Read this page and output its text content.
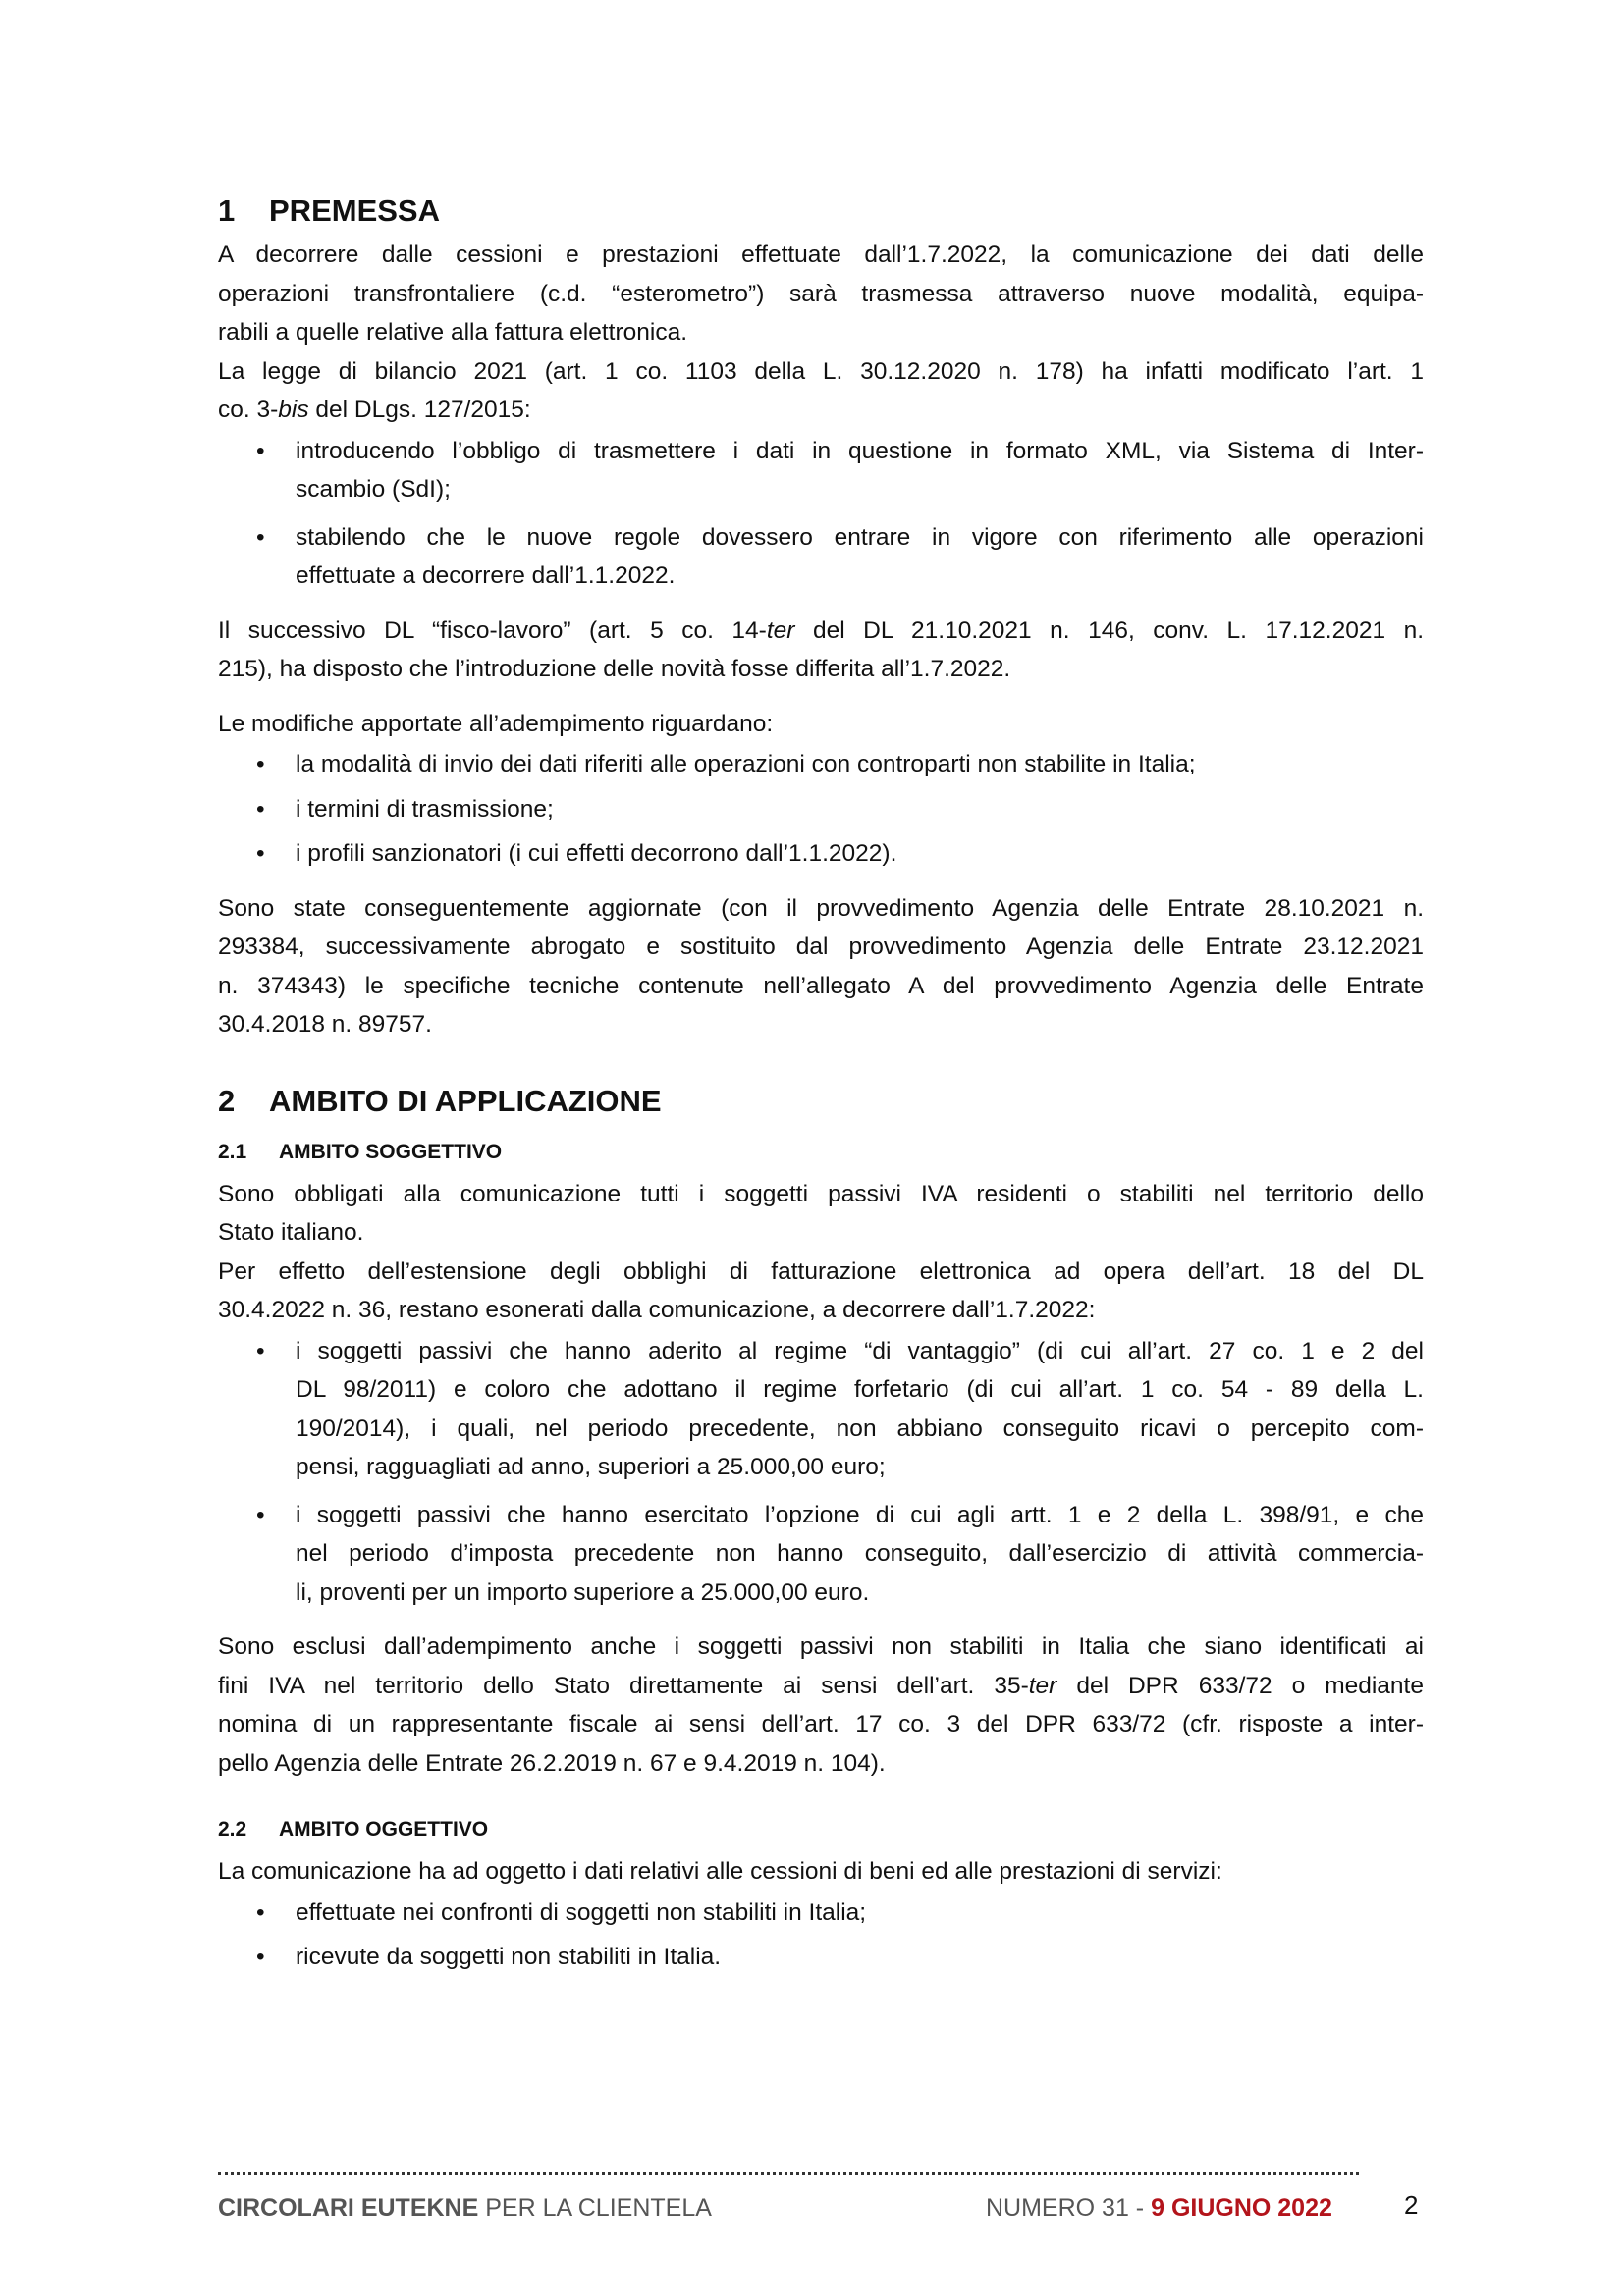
1 PREMESSA

A decorrere dalle cessioni e prestazioni effettuate dall’1.7.2022, la comunicazione dei dati delle
operazioni transfrontaliere (c.d. “esterometro”) sarà trasmessa attraverso nuove modalità, equipa-
rabili a quelle relative alla fattura elettronica.

La legge di bilancio 2021 (art. 1 co. 1103 della L. 30.12.2020 n. 178) ha infatti modificato l’art. 1
co. 3-bis del DLgs. 127/2015:

• introducendo l’obbligo di trasmettere i dati in questione in formato XML, via Sistema di Inter-
scambio (SdI);
• stabilendo che le nuove regole dovessero entrare in vigore con riferimento alle operazioni
effettuate a decorrere dall’1.1.2022.

Il successivo DL “fisco-lavoro” (art. 5 co. 14-ter del DL 21.10.2021 n. 146, conv. L. 17.12.2021 n.
215), ha disposto che l’introduzione delle novità fosse differita all’1.7.2022.

Le modifiche apportate all’adempimento riguardano:

• la modalità di invio dei dati riferiti alle operazioni con controparti non stabilite in Italia;
• i termini di trasmissione;
• i profili sanzionatori (i cui effetti decorrono dall’1.1.2022).

Sono state conseguentemente aggiornate (con il provvedimento Agenzia delle Entrate 28.10.2021 n.
293384, successivamente abrogato e sostituito dal provvedimento Agenzia delle Entrate 23.12.2021
n. 374343) le specifiche tecniche contenute nell’allegato A del provvedimento Agenzia delle Entrate
30.4.2018 n. 89757.

2 AMBITO DI APPLICAZIONE
2.1 AMBITO SOGGETTIVO

Sono obbligati alla comunicazione tutti i soggetti passivi IVA residenti o stabiliti nel territorio dello
Stato italiano.

Per effetto dell’estensione degli obblighi di fatturazione elettronica ad opera dell’art. 18 del DL
30.4.2022 n. 36, restano esonerati dalla comunicazione, a decorrere dall’1.7.2022:

• i soggetti passivi che hanno aderito al regime “di vantaggio” (di cui all’art. 27 co. 1 e 2 del
DL 98/2011) e coloro che adottano il regime forfetario (di cui all’art. 1 co. 54 - 89 della L.
190/2014), i quali, nel periodo precedente, non abbiano conseguito ricavi o percepito com-
pensi, ragguagliati ad anno, superiori a 25.000,00 euro;
• i soggetti passivi che hanno esercitato l’opzione di cui agli artt. 1 e 2 della L. 398/91, e che
nel periodo d’imposta precedente non hanno conseguito, dall’esercizio di attività commercia-
li, proventi per un importo superiore a 25.000,00 euro.

Sono esclusi dall’adempimento anche i soggetti passivi non stabiliti in Italia che siano identificati ai
fini IVA nel territorio dello Stato direttamente ai sensi dell’art. 35-ter del DPR 633/72 o mediante
nomina di un rappresentante fiscale ai sensi dell’art. 17 co. 3 del DPR 633/72 (cfr. risposte a inter-
pello Agenzia delle Entrate 26.2.2019 n. 67 e 9.4.2019 n. 104).

2.2 AMBITO OGGETTIVO

La comunicazione ha ad oggetto i dati relativi alle cessioni di beni ed alle prestazioni di servizi:

• effettuate nei confronti di soggetti non stabiliti in Italia;
• ricevute da soggetti non stabiliti in Italia.
CIRCOLARI EUTEKNE PER LA CLIENTELA	NUMERO 31 - 9 GIUGNO 2022	2
